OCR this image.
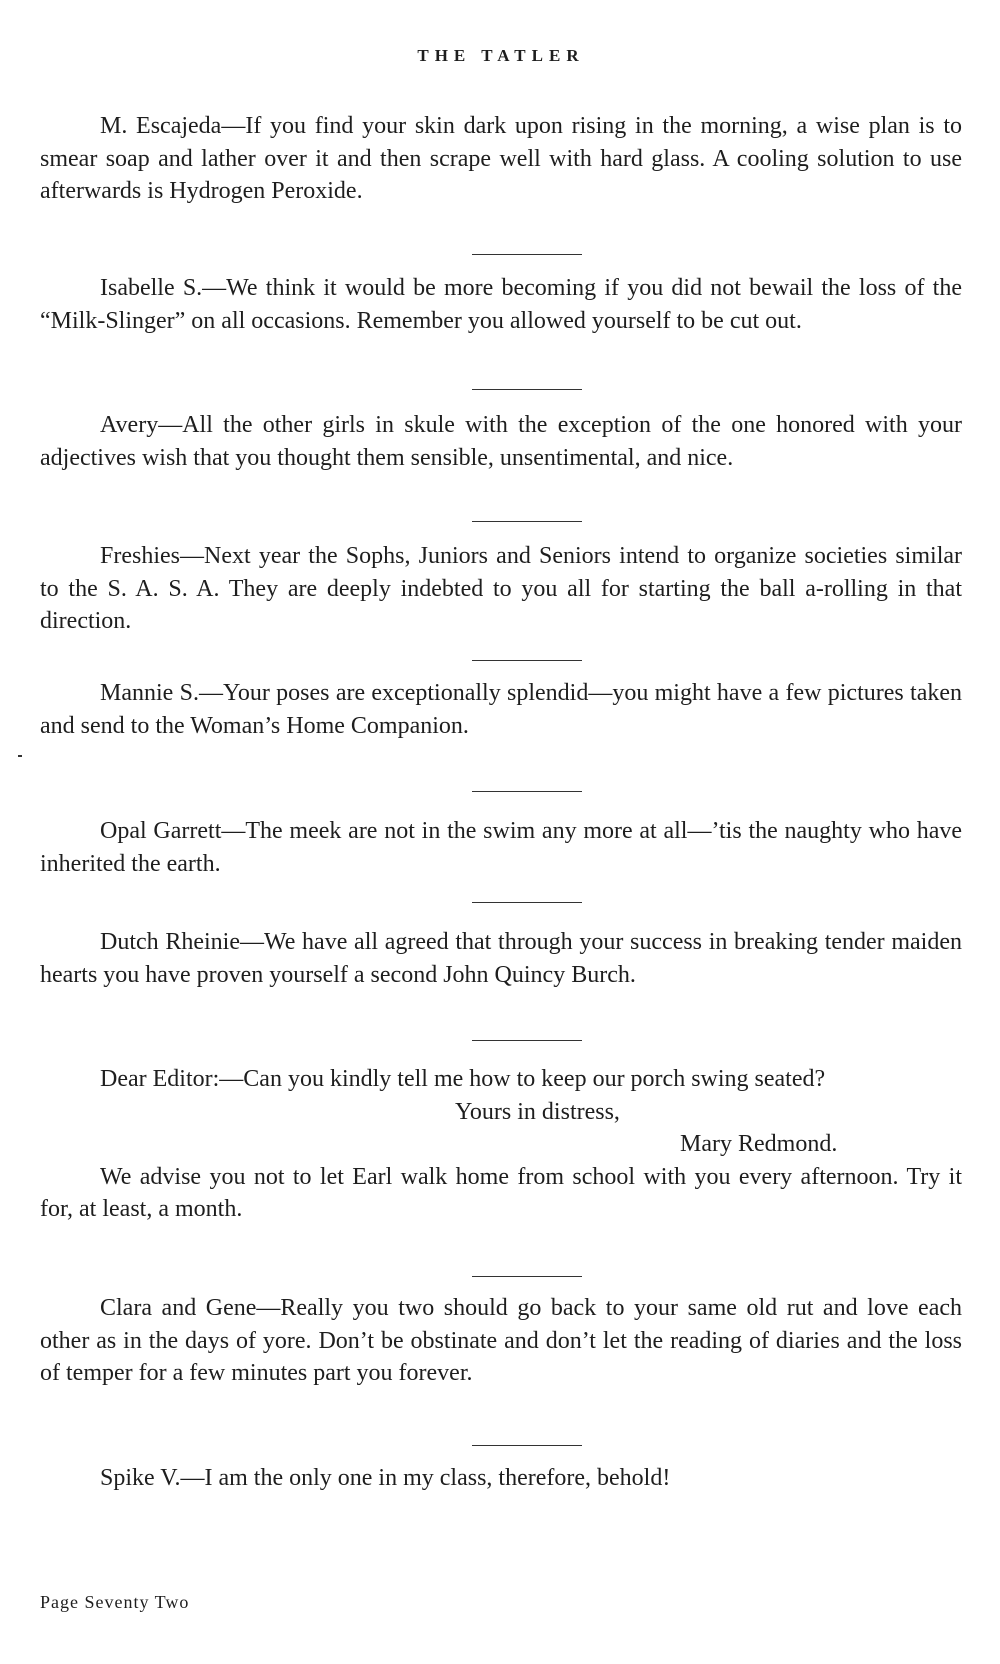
THE TATLER

M. Escajeda—If you find your skin dark upon rising in the morning, a wise plan is to smear soap and lather over it and then scrape well with hard glass. A cooling solution to use afterwards is Hydrogen Peroxide.

Isabelle S.—We think it would be more becoming if you did not bewail the loss of the “Milk-Slinger” on all occasions. Remember you allowed yourself to be cut out.

Avery—All the other girls in skule with the exception of the one honored with your adjectives wish that you thought them sensible, unsentimental, and nice.

Freshies—Next year the Sophs, Juniors and Seniors intend to organize societies similar to the S. A. S. A. They are deeply indebted to you all for starting the ball a-rolling in that direction.

Mannie S.—Your poses are exceptionally splendid—you might have a few pictures taken and send to the Woman’s Home Companion.

Opal Garrett—The meek are not in the swim any more at all—’tis the naughty who have inherited the earth.

Dutch Rheinie—We have all agreed that through your success in breaking tender maiden hearts you have proven yourself a second John Quincy Burch.

Dear Editor:—Can you kindly tell me how to keep our porch swing seated?

Yours in distress,

Mary Redmond.

We advise you not to let Earl walk home from school with you every afternoon. Try it for, at least, a month.

Clara and Gene—Really you two should go back to your same old rut and love each other as in the days of yore. Don’t be obstinate and don’t let the reading of diaries and the loss of temper for a few minutes part you forever.

Spike V.—I am the only one in my class, therefore, behold!

Page Seventy Two
